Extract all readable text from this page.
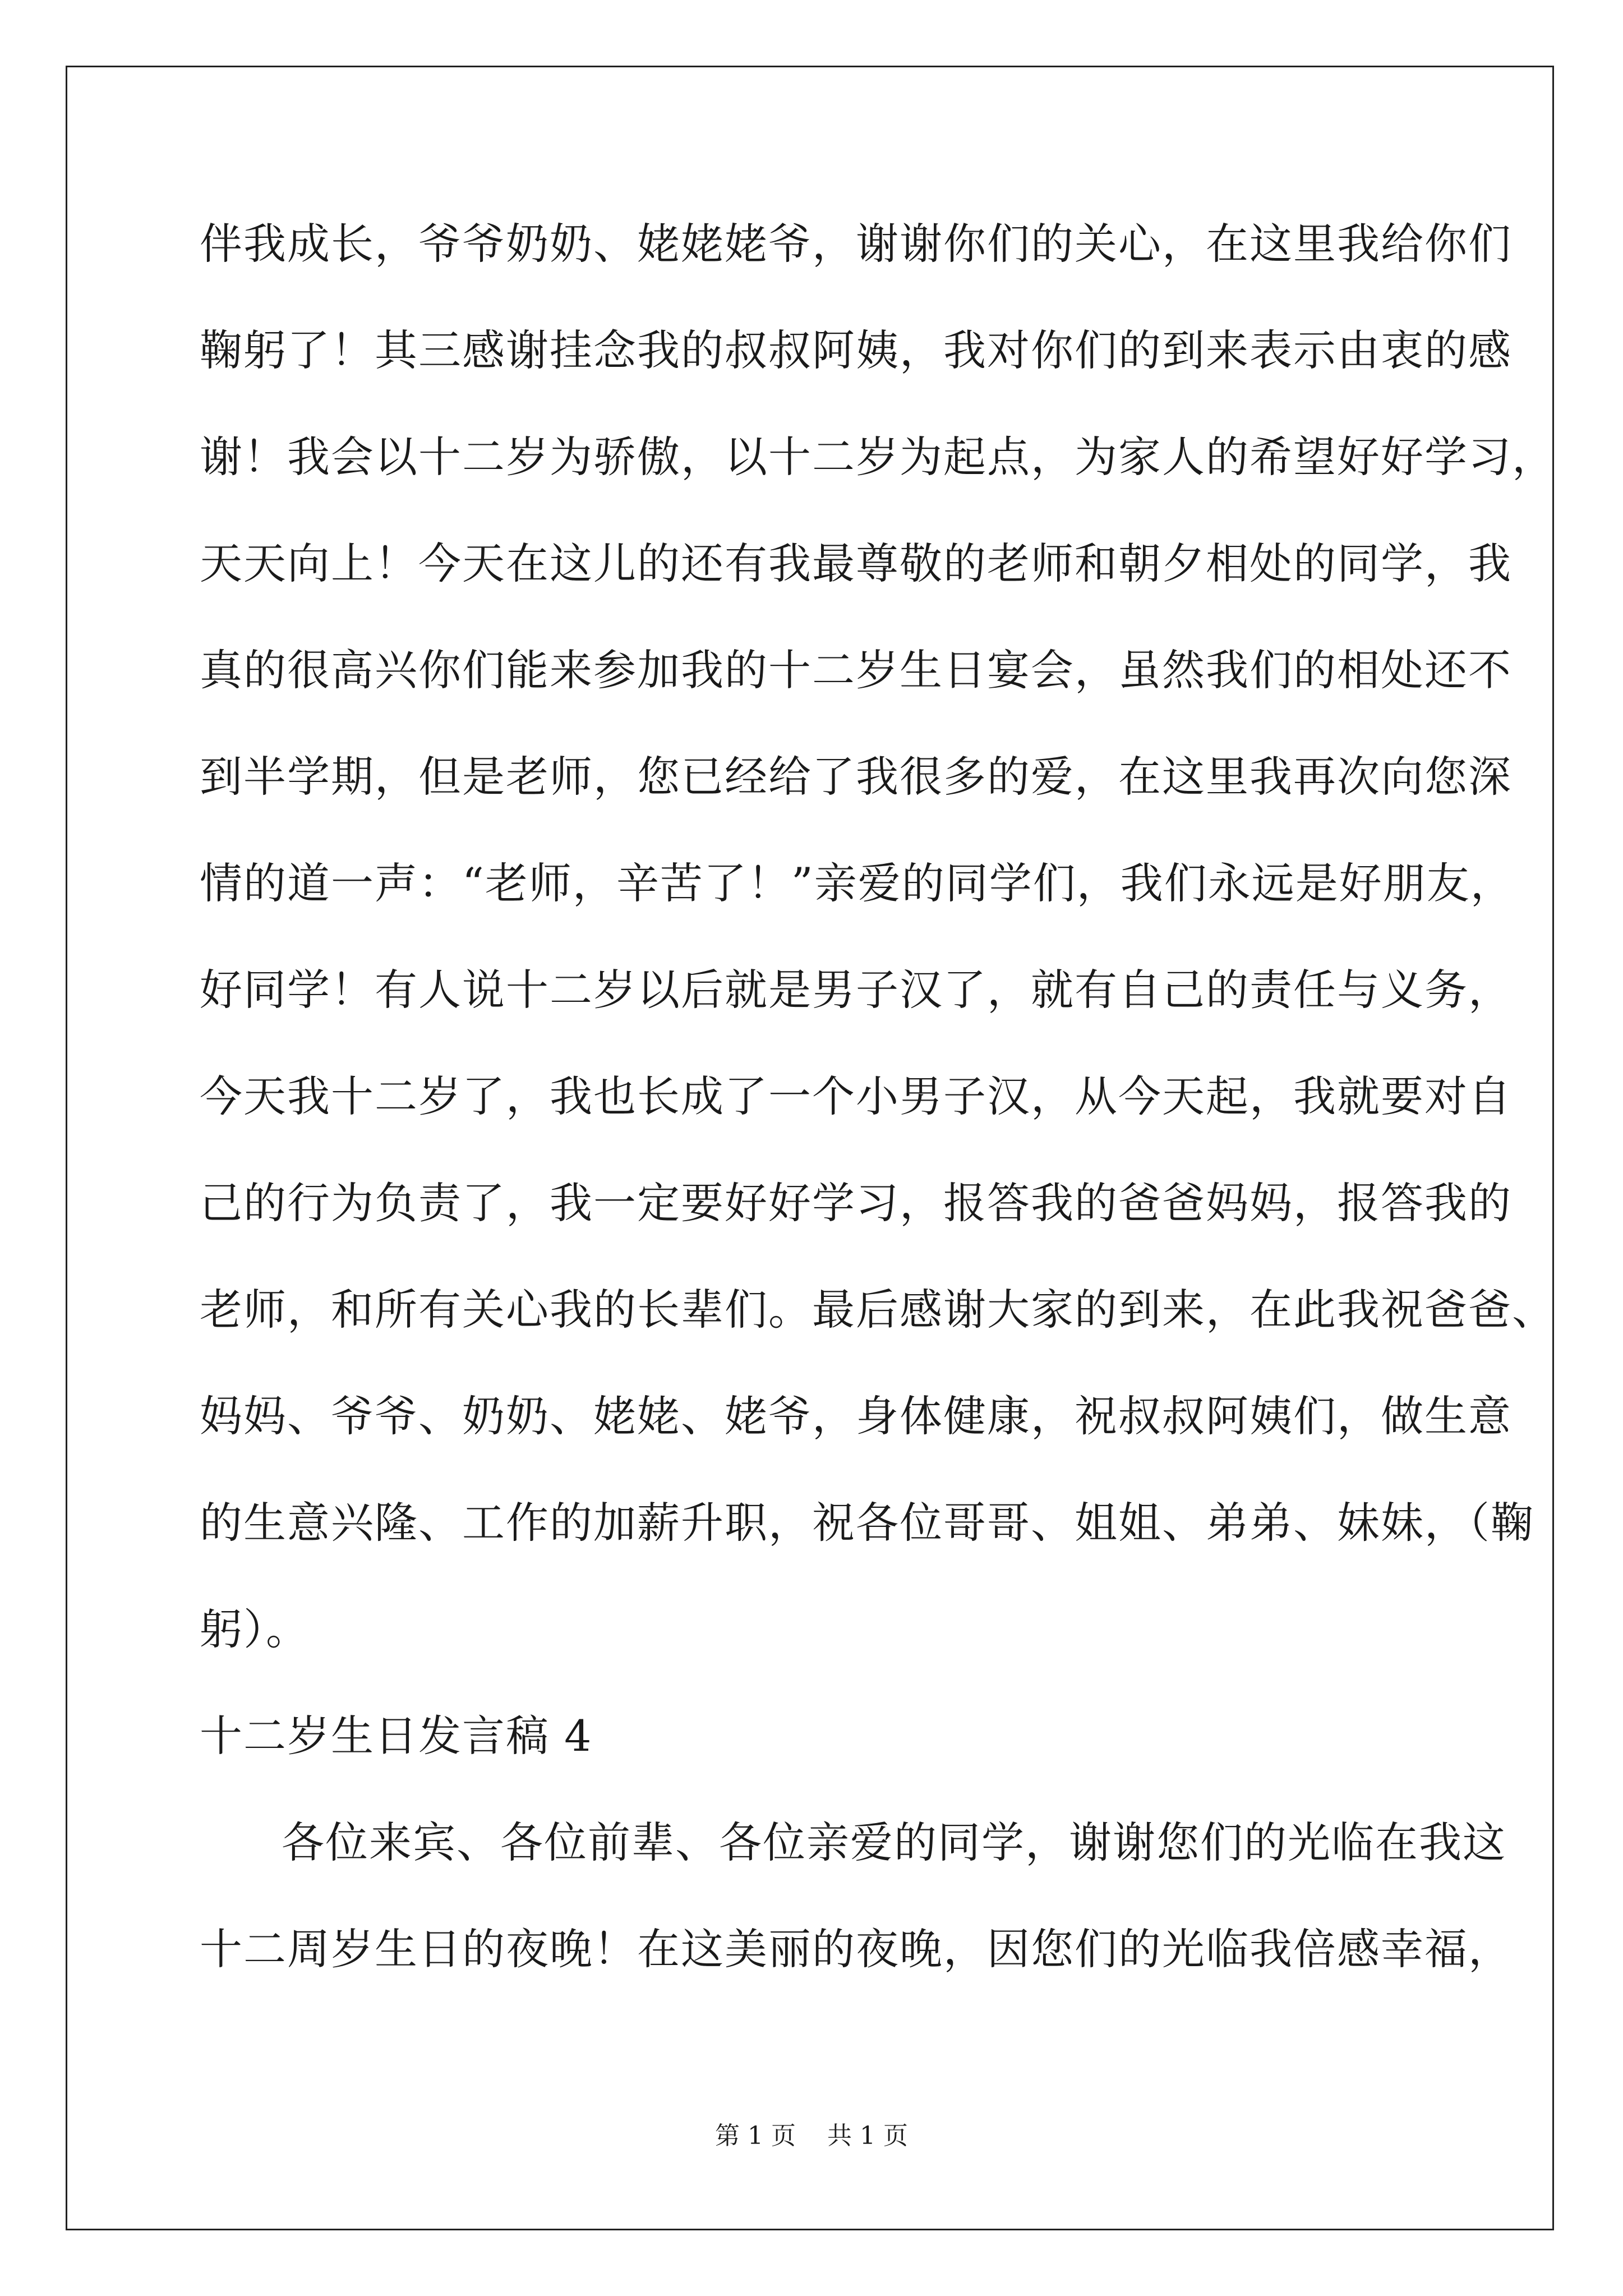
伴我成长，爷爷奶奶、姥姥姥爷，谢谢你们的关心，在这里我给你们
鞠躬了！其三感谢挂念我的叔叔阿姨，我对你们的到来表示由衷的感
谢！我会以十二岁为骄傲，以十二岁为起点，为家人的希望好好学习，
天天向上！今天在这儿的还有我最尊敬的老师和朝夕相处的同学，我
真的很高兴你们能来参加我的十二岁生日宴会，虽然我们的相处还不
到半学期，但是老师，您已经给了我很多的爱，在这里我再次向您深
情的道一声：“老师，辛苦了！”亲爱的同学们，我们永远是好朋友，
好同学！有人说十二岁以后就是男子汉了，就有自己的责任与义务，
今天我十二岁了，我也长成了一个小男子汉，从今天起，我就要对自
己的行为负责了，我一定要好好学习，报答我的爸爸妈妈，报答我的
老师，和所有关心我的长辈们。最后感谢大家的到来，在此我祝爸爸、
妈妈、爷爷、奶奶、姥姥、姥爷，身体健康，祝叔叔阿姨们，做生意
的生意兴隆、工作的加薪升职，祝各位哥哥、姐姐、弟弟、妹妹，（鞠
躬）。
十二岁生日发言稿 4
各位来宾、各位前辈、各位亲爱的同学，谢谢您们的光临在我这
十二周岁生日的夜晚！在这美丽的夜晚，因您们的光临我倍感幸福，
第 1 页 共 1 页
